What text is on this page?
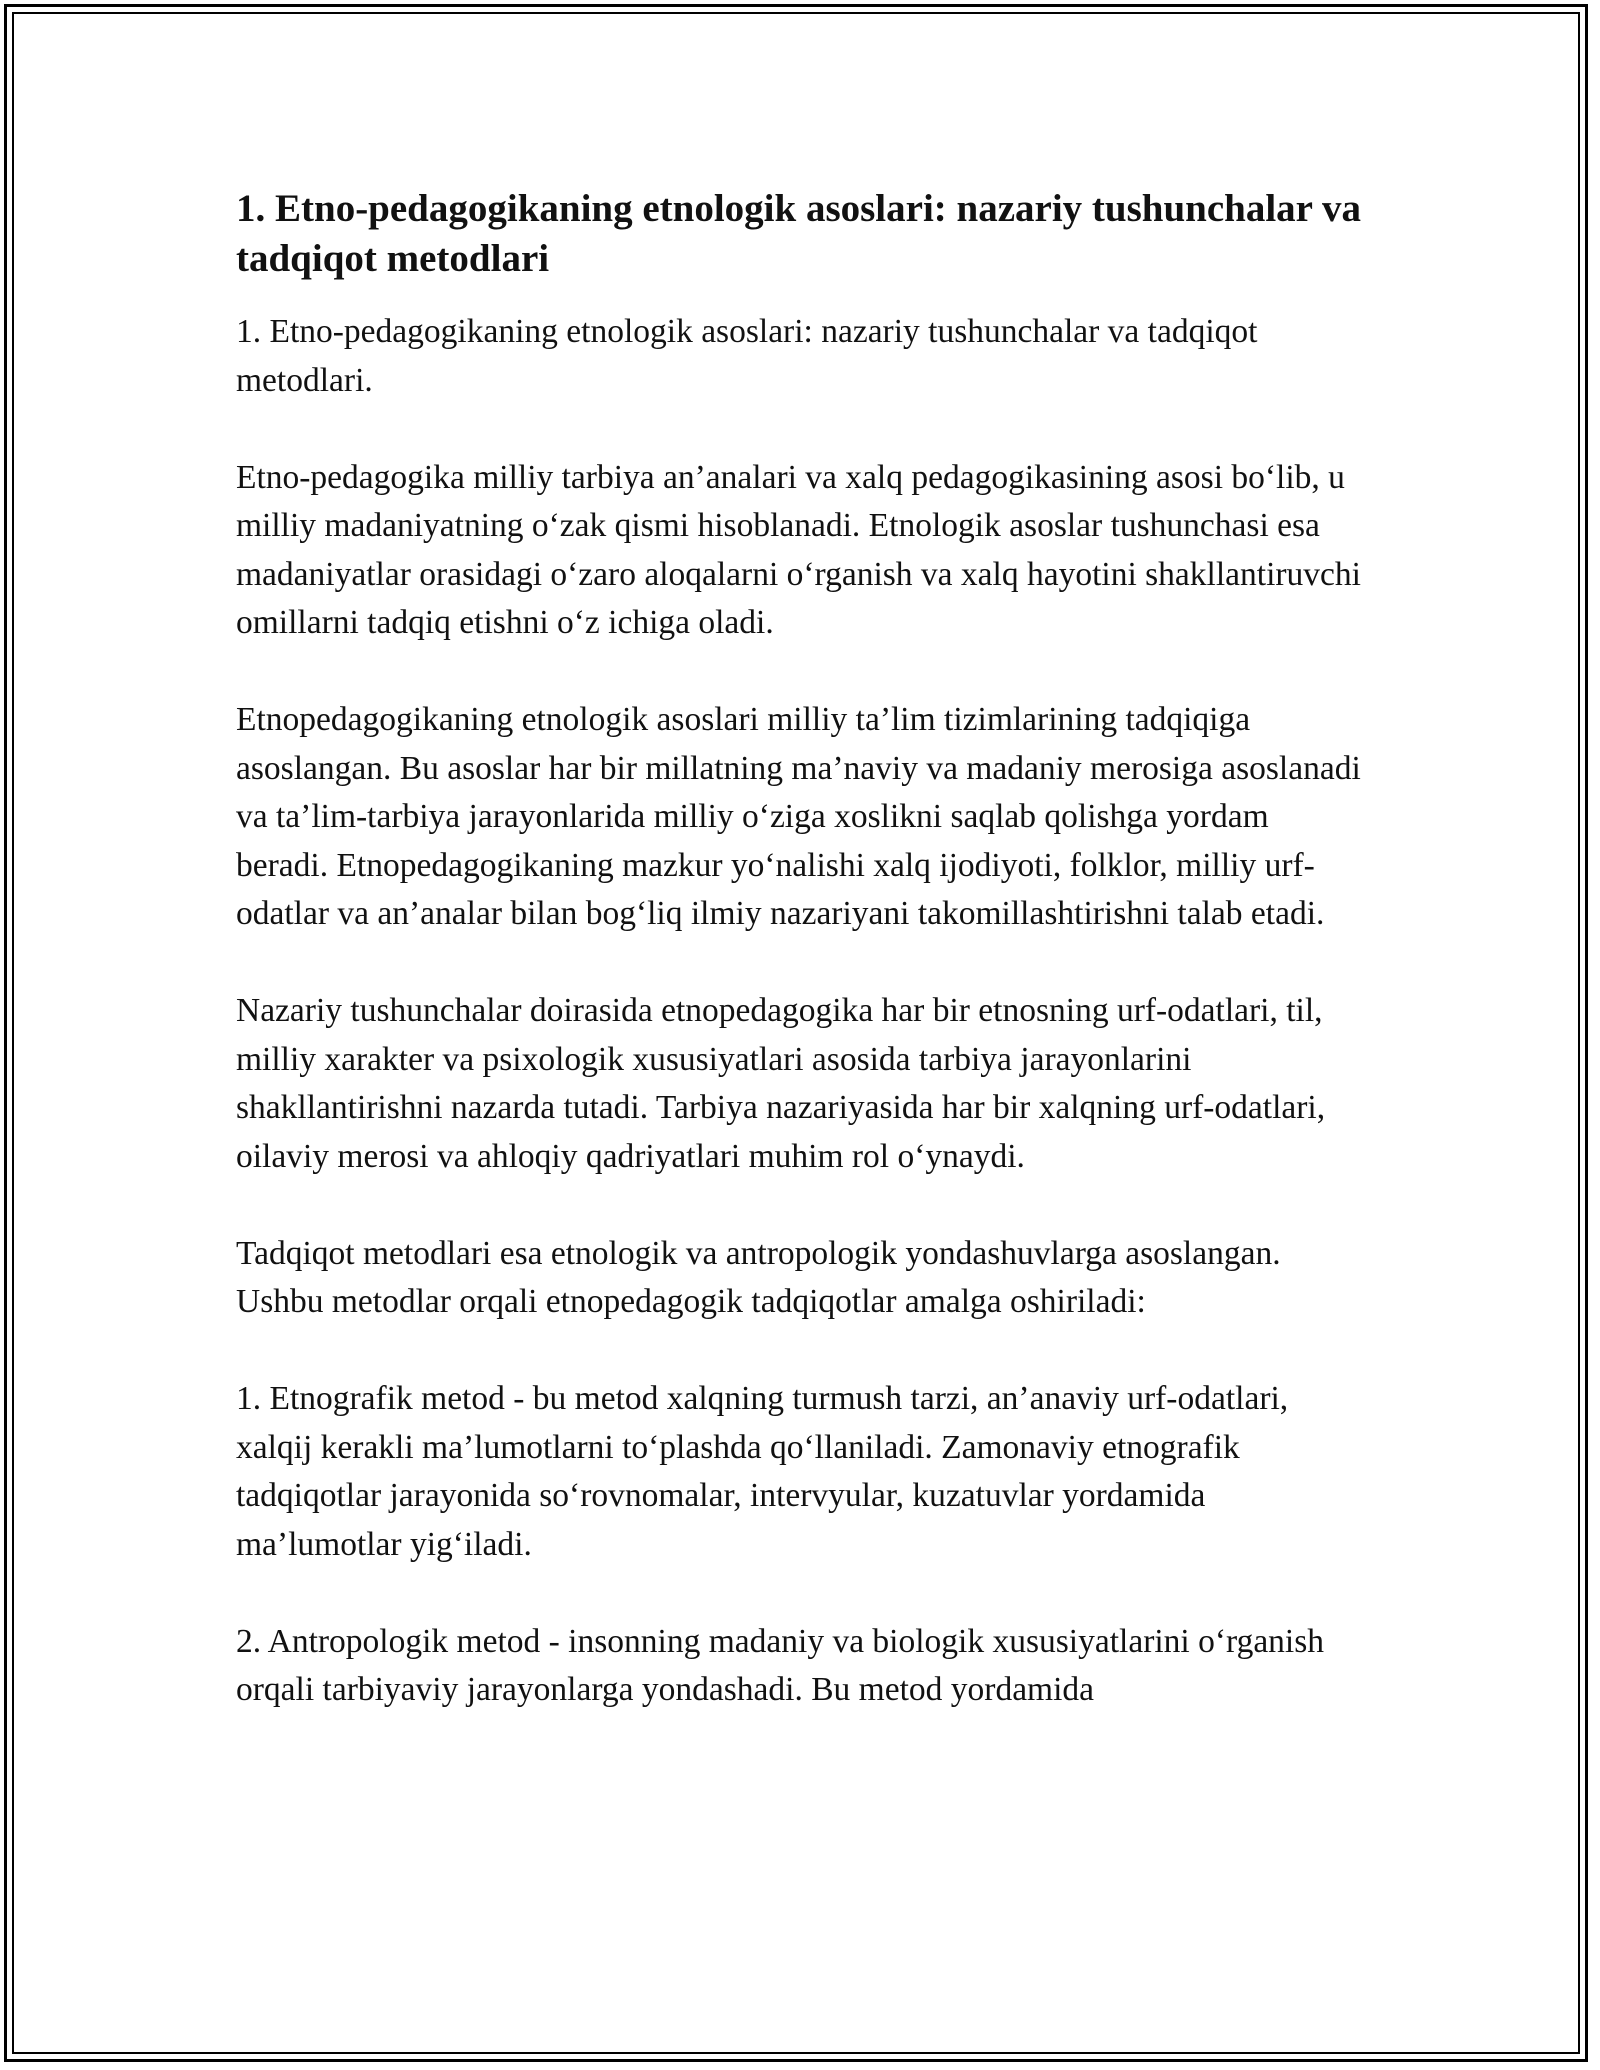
1. Etno-pedagogikaning etnologik asoslari: nazariy tushunchalar va tadqiqot metodlari

1. Etno-pedagogikaning etnologik asoslari: nazariy tushunchalar va tadqiqot metodlari.

Etno-pedagogika milliy tarbiya an’analari va xalq pedagogikasining asosi bo‘lib, u milliy madaniyatning o‘zak qismi hisoblanadi. Etnologik asoslar tushunchasi esa madaniyatlar orasidagi o‘zaro aloqalarni o‘rganish va xalq hayotini shakllantiruvchi omillarni tadqiq etishni o‘z ichiga oladi.

Etnopedagogikaning etnologik asoslari milliy ta’lim tizimlarining tadqiqiga asoslangan. Bu asoslar har bir millatning ma’naviy va madaniy merosiga asoslanadi va ta’lim-tarbiya jarayonlarida milliy o‘ziga xoslikni saqlab qolishga yordam beradi. Etnopedagogikaning mazkur yo‘nalishi xalq ijodiyoti, folklor, milliy urf-odatlar va an’analar bilan bog‘liq ilmiy nazariyani takomillashtirishni talab etadi.

Nazariy tushunchalar doirasida etnopedagogika har bir etnosning urf-odatlari, til, milliy xarakter va psixologik xususiyatlari asosida tarbiya jarayonlarini shakllantirishni nazarda tutadi. Tarbiya nazariyasida har bir xalqning urf-odatlari, oilaviy merosi va ahloqiy qadriyatlari muhim rol o‘ynaydi.

Tadqiqot metodlari esa etnologik va antropologik yondashuvlarga asoslangan. Ushbu metodlar orqali etnopedagogik tadqiqotlar amalga oshiriladi:

1. Etnografik metod - bu metod xalqning turmush tarzi, an’anaviy urf-odatlari, xalqij kerakli ma’lumotlarni to‘plashda qo‘llaniladi. Zamonaviy etnografik tadqiqotlar jarayonida so‘rovnomalar, intervyular, kuzatuvlar yordamida ma’lumotlar yig‘iladi.

2. Antropologik metod - insonning madaniy va biologik xususiyatlarini o‘rganish orqali tarbiyaviy jarayonlarga yondashadi. Bu metod yordamida
